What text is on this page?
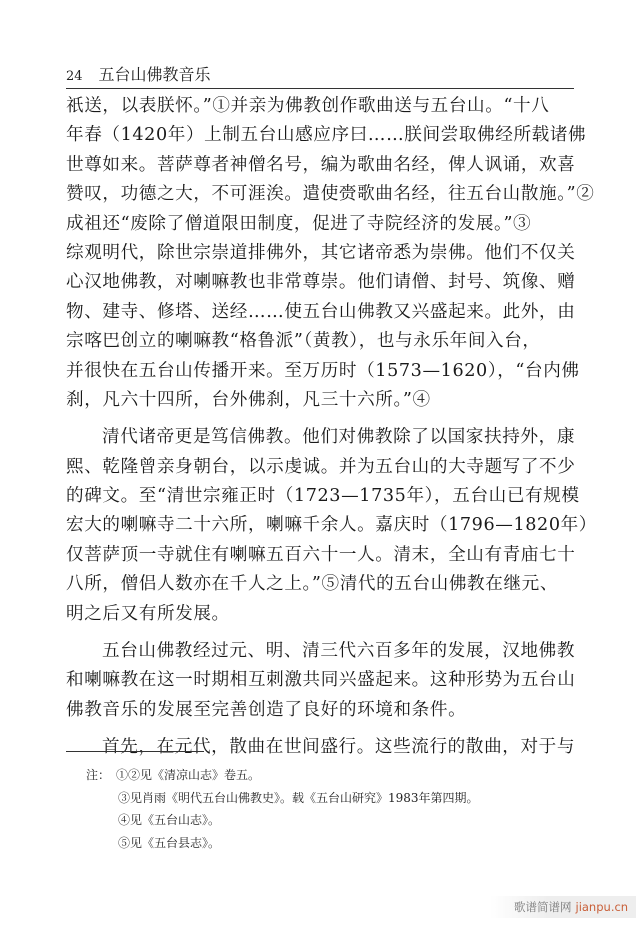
24 五台山佛教音乐
祇送，以表朕怀。”①并亲为佛教创作歌曲送与五台山。“十八
年春（1420年）上制五台山感应序曰……朕间尝取佛经所载诸佛
世尊如来。菩萨尊者神僧名号，编为歌曲名经，俾人讽诵，欢喜
赞叹，功德之大，不可涯涘。遣使赍歌曲名经，往五台山散施。”②
成祖还“废除了僧道限田制度，促进了寺院经济的发展。”③
综观明代，除世宗崇道排佛外，其它诸帝悉为崇佛。他们不仅关
心汉地佛教，对喇嘛教也非常尊崇。他们请僧、封号、筑像、赠
物、建寺、修塔、送经……使五台山佛教又兴盛起来。此外，由
宗喀巴创立的喇嘛教“格鲁派”（黄教），也与永乐年间入台，
并很快在五台山传播开来。至万历时（1573—1620），“台内佛
刹，凡六十四所，台外佛刹，凡三十六所。”④
清代诸帝更是笃信佛教。他们对佛教除了以国家扶持外，康
熙、乾隆曾亲身朝台，以示虔诚。并为五台山的大寺题写了不少
的碑文。至“清世宗雍正时（1723—1735年），五台山已有规模
宏大的喇嘛寺二十六所，喇嘛千余人。嘉庆时（1796—1820年）
仅菩萨顶一寺就住有喇嘛五百六十一人。清末，全山有青庙七十
八所，僧侣人数亦在千人之上。”⑤清代的五台山佛教在继元、
明之后又有所发展。
五台山佛教经过元、明、清三代六百多年的发展，汉地佛教
和喇嘛教在这一时期相互刺激共同兴盛起来。这种形势为五台山
佛教音乐的发展至完善创造了良好的环境和条件。
首先，在元代，散曲在世间盛行。这些流行的散曲，对于与
注： ①②见《清凉山志》卷五。
③见肖雨《明代五台山佛教史》。载《五台山研究》1983年第四期。
④见《五台山志》。
⑤见《五台县志》。
歌谱简谱网 jianpu.cn
